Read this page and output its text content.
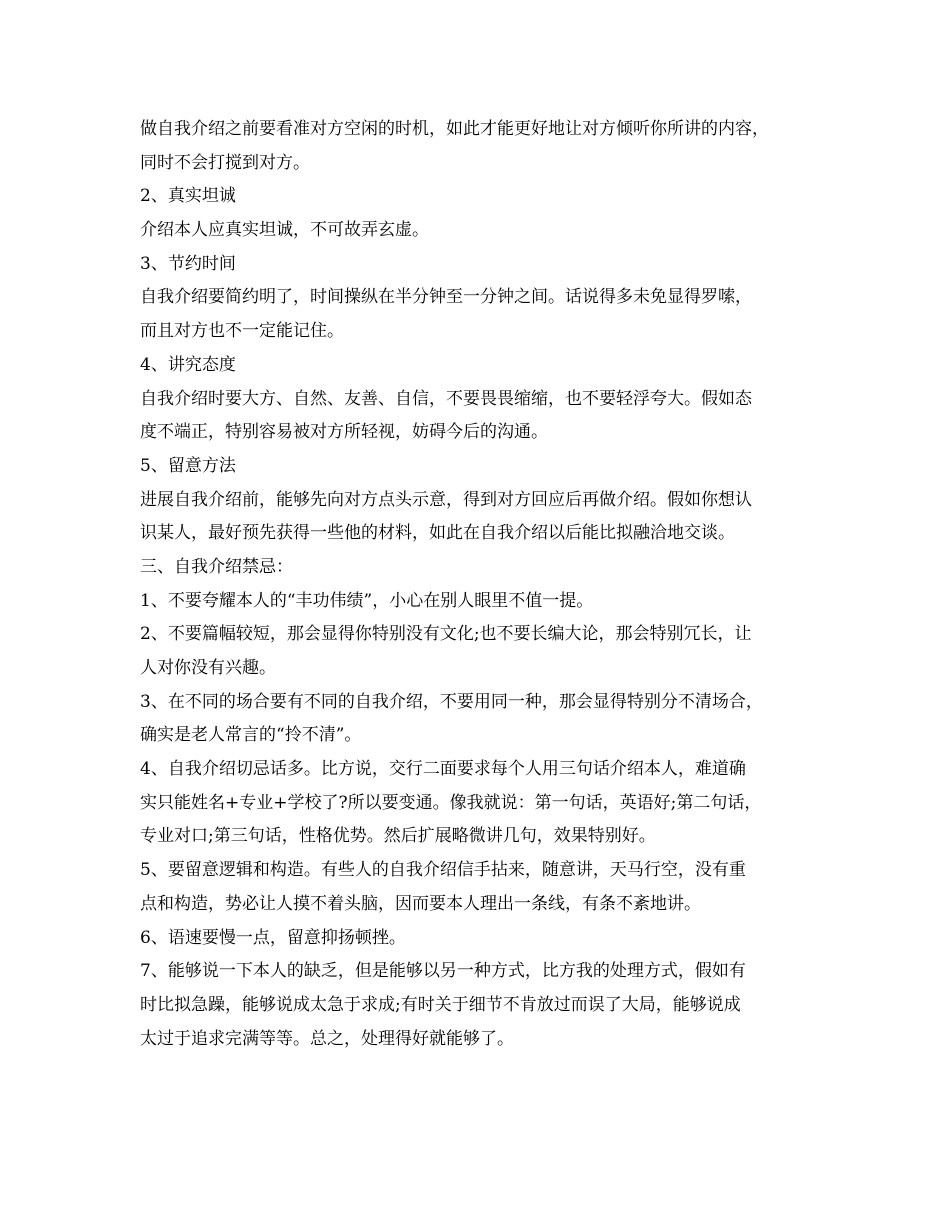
做自我介绍之前要看准对方空闲的时机，如此才能更好地让对方倾听你所讲的内容，
同时不会打搅到对方。
2、真实坦诚
介绍本人应真实坦诚，不可故弄玄虚。
3、节约时间
自我介绍要简约明了，时间操纵在半分钟至一分钟之间。话说得多未免显得罗嗦，
而且对方也不一定能记住。
4、讲究态度
自我介绍时要大方、自然、友善、自信，不要畏畏缩缩，也不要轻浮夸大。假如态
度不端正，特别容易被对方所轻视，妨碍今后的沟通。
5、留意方法
进展自我介绍前，能够先向对方点头示意，得到对方回应后再做介绍。假如你想认
识某人，最好预先获得一些他的材料，如此在自我介绍以后能比拟融洽地交谈。
三、自我介绍禁忌：
1、不要夸耀本人的“丰功伟绩”，小心在别人眼里不值一提。
2、不要篇幅较短，那会显得你特别没有文化;也不要长编大论，那会特别冗长，让
人对你没有兴趣。
3、在不同的场合要有不同的自我介绍，不要用同一种，那会显得特别分不清场合，
确实是老人常言的“拎不清”。
4、自我介绍切忌话多。比方说，交行二面要求每个人用三句话介绍本人，难道确
实只能姓名+专业+学校了?所以要变通。像我就说：第一句话，英语好;第二句话，
专业对口;第三句话，性格优势。然后扩展略微讲几句，效果特别好。
5、要留意逻辑和构造。有些人的自我介绍信手拈来，随意讲，天马行空，没有重
点和构造，势必让人摸不着头脑，因而要本人理出一条线，有条不紊地讲。
6、语速要慢一点，留意抑扬顿挫。
7、能够说一下本人的缺乏，但是能够以另一种方式，比方我的处理方式，假如有
时比拟急躁，能够说成太急于求成;有时关于细节不肯放过而误了大局，能够说成
太过于追求完满等等。总之，处理得好就能够了。
